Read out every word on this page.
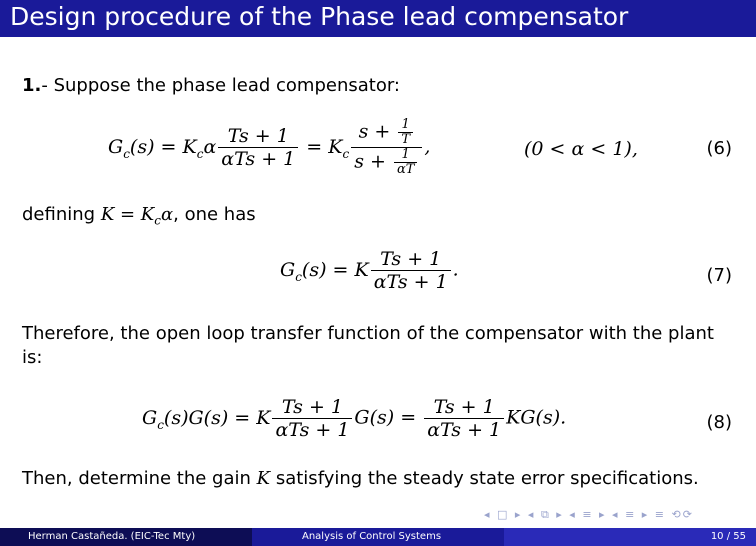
Design procedure of the Phase lead compensator
1.- Suppose the phase lead compensator:
$G_c(s) = K_c\alpha \frac{Ts + 1}{\text{αTs + 1}} = K_c \frac{s + \frac{1}{T}}{s + \frac{1}{\alpha T}}$ ,	(0 < α < 1),	(6)
defining $K = K_c\alpha$, one has
$G_c(s) = K \frac{Ts + 1}{\text{αTs + 1}}$ .	(7)
Therefore, the open loop transfer function of the compensator with the plant is:
$G_c(s)G(s) = K \frac{Ts + 1}{\text{αTs + 1}} G(s) = \frac{Ts + 1}{\text{αTs + 1}} KG(s)$.	(8)
Then, determine the gain K satisfying the steady state error specifications.
◂ □ ▸ ◂ ⧉ ▸ ◂ ≡ ▸ ◂ ≡ ▸ ≡ ⟲⟳
Herman Castañeda. (EIC-Tec Mty)	Analysis of Control Systems	10 / 55
